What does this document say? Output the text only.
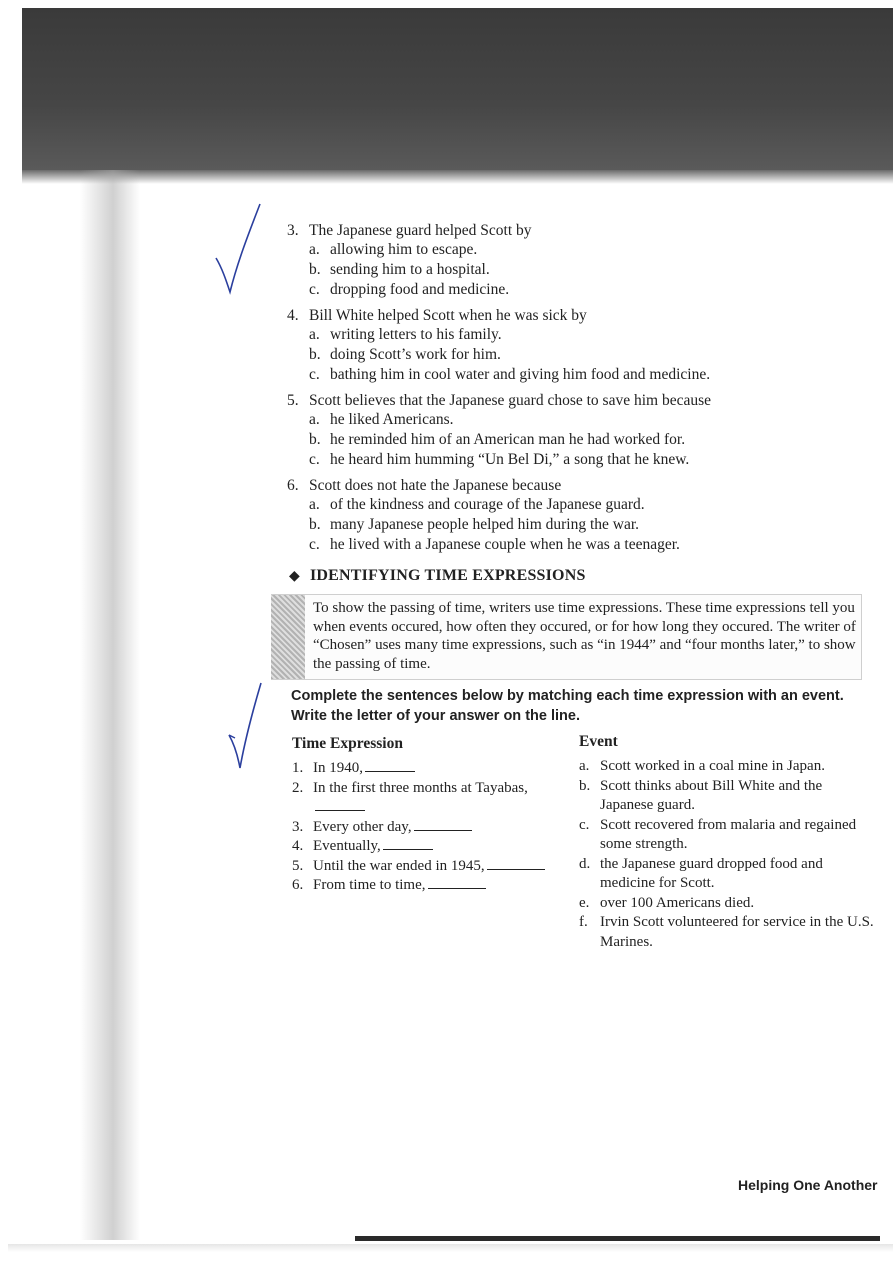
3. The Japanese guard helped Scott by
a. allowing him to escape.
b. sending him to a hospital.
c. dropping food and medicine.
4. Bill White helped Scott when he was sick by
a. writing letters to his family.
b. doing Scott’s work for him.
c. bathing him in cool water and giving him food and medicine.
5. Scott believes that the Japanese guard chose to save him because
a. he liked Americans.
b. he reminded him of an American man he had worked for.
c. he heard him humming “Un Bel Di,” a song that he knew.
6. Scott does not hate the Japanese because
a. of the kindness and courage of the Japanese guard.
b. many Japanese people helped him during the war.
c. he lived with a Japanese couple when he was a teenager.
◆ IDENTIFYING TIME EXPRESSIONS

To show the passing of time, writers use time expressions. These time expressions tell you when events occured, how often they occured, or for how long they occured. The writer of “Chosen” uses many time expressions, such as “in 1944” and “four months later,” to show the passing of time.

Complete the sentences below by matching each time expression with an event.
Write the letter of your answer on the line.
Time Expression
1. In 1940,
2. In the first three months at Tayabas,
3. Every other day,
4. Eventually,
5. Until the war ended in 1945,
6. From time to time,
Event
a. Scott worked in a coal mine in Japan.
b. Scott thinks about Bill White and the Japanese guard.
c. Scott recovered from malaria and regained some strength.
d. the Japanese guard dropped food and medicine for Scott.
e. over 100 Americans died.
f. Irvin Scott volunteered for service in the U.S. Marines.
Helping One Another
